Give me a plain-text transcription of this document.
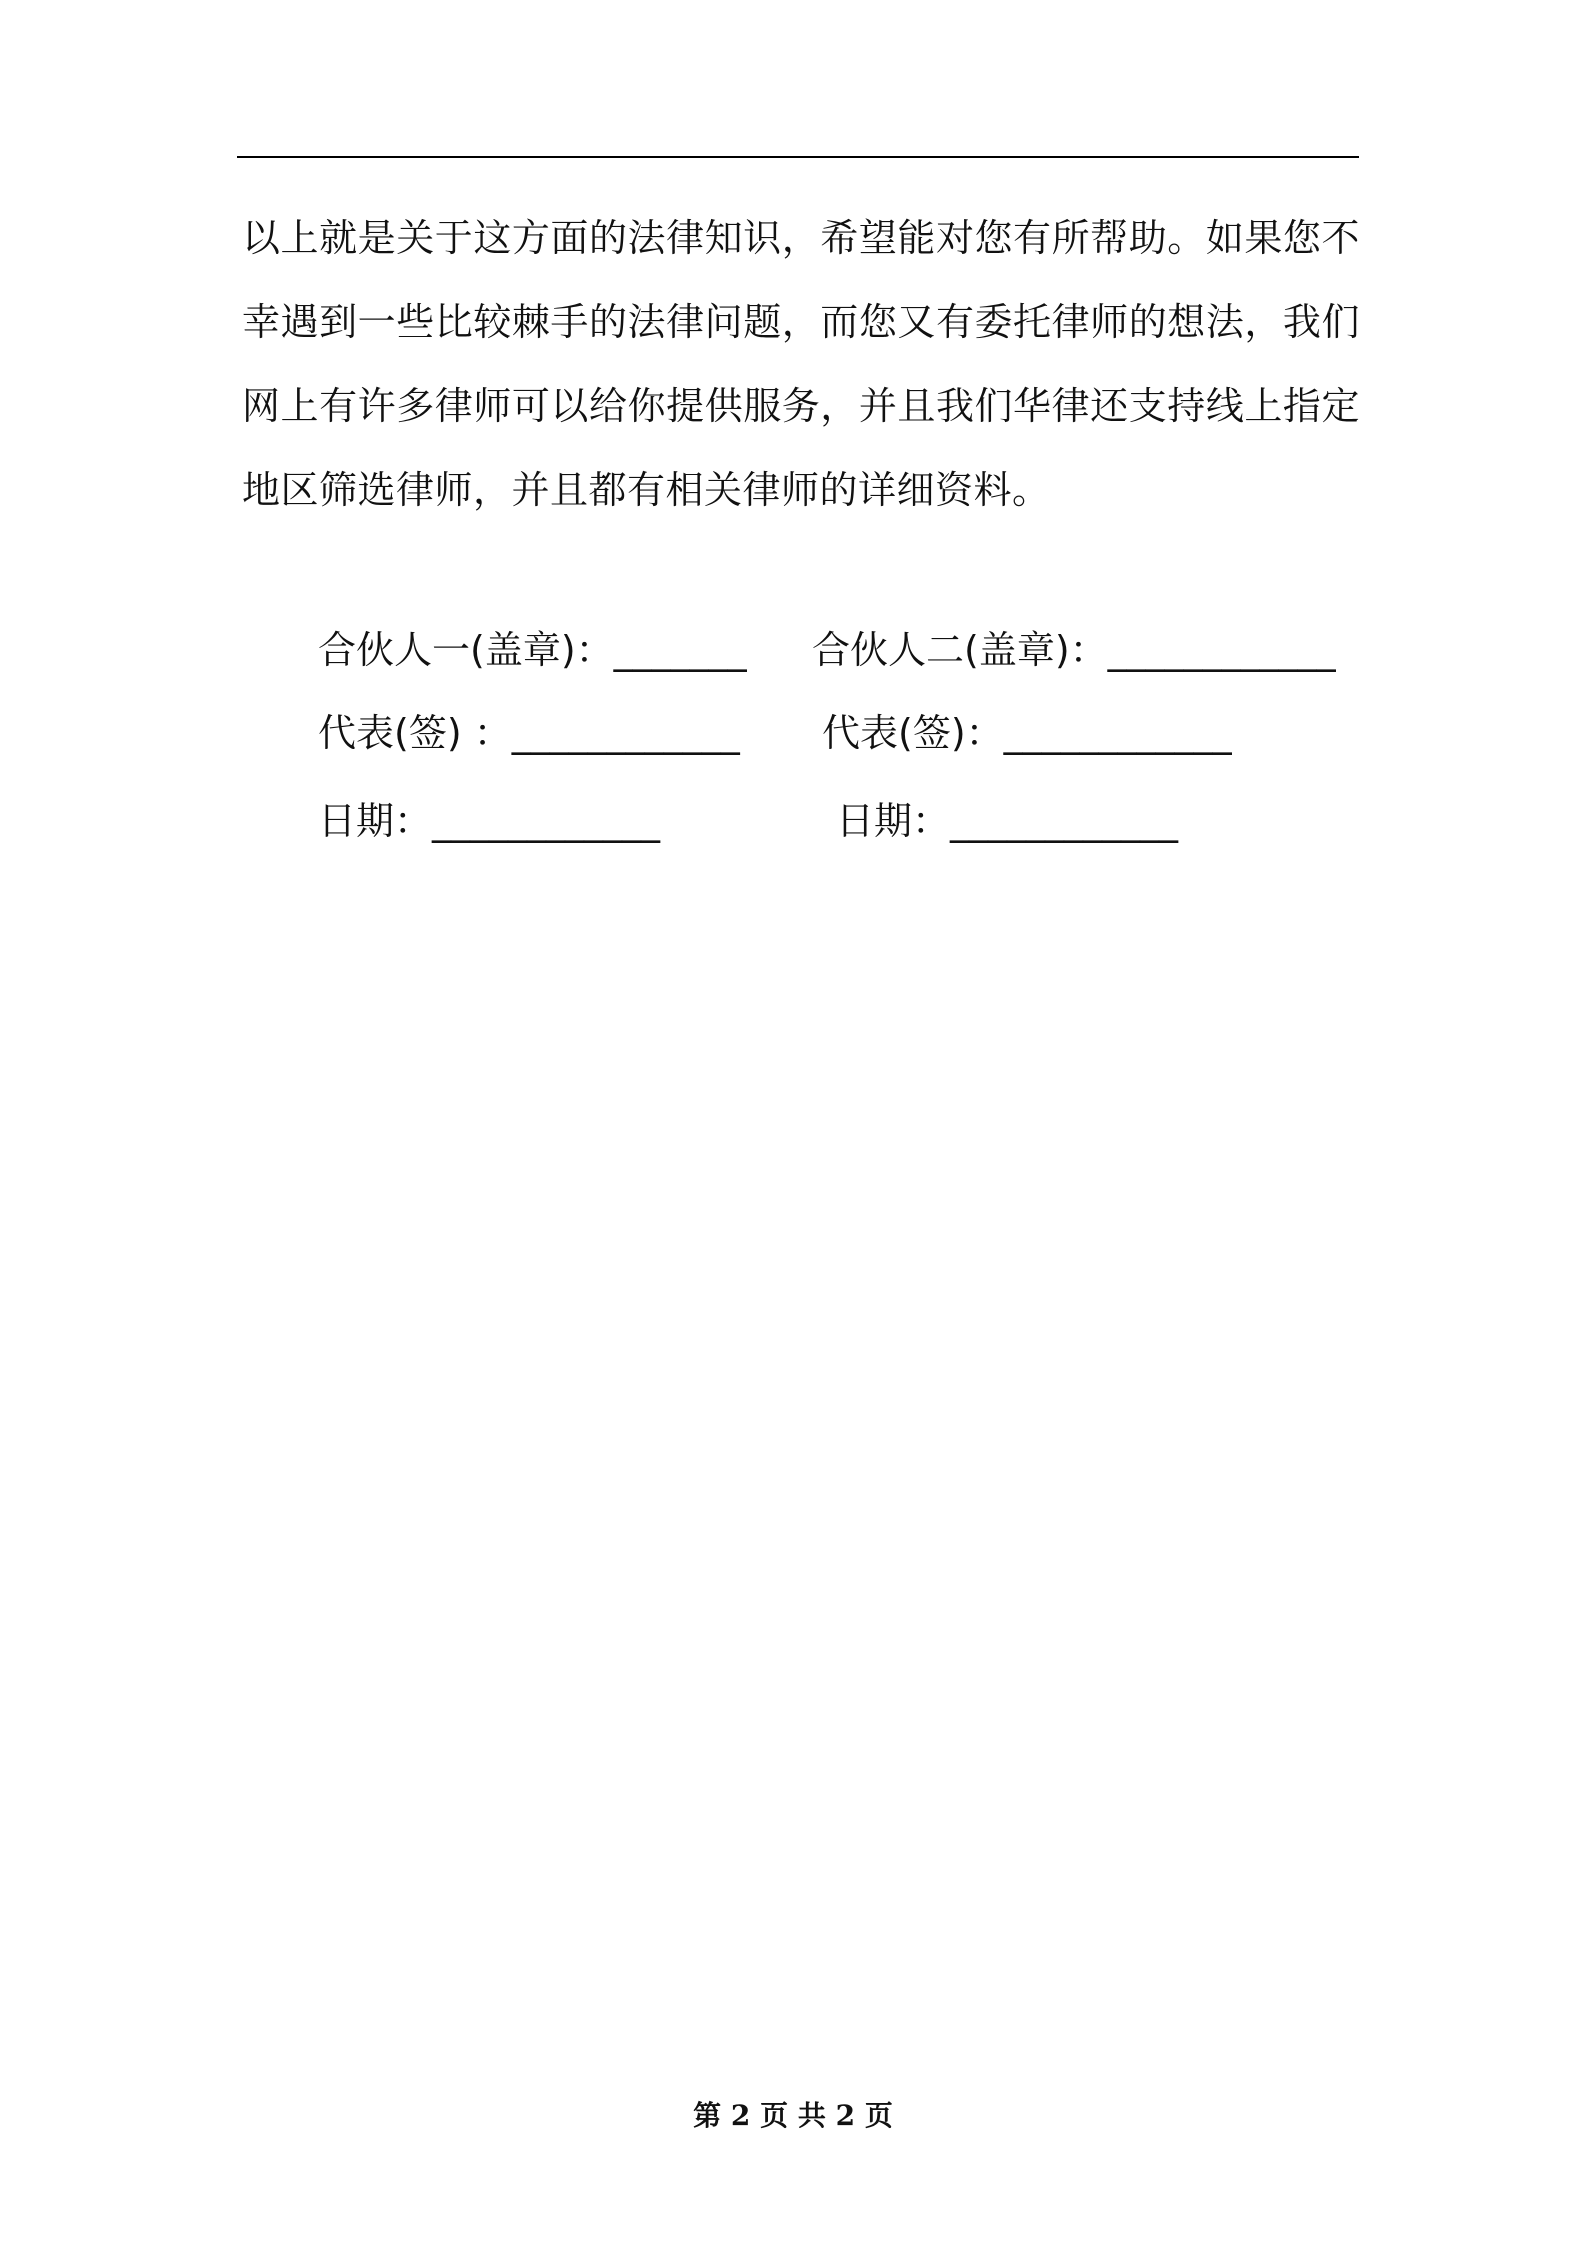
以上就是关于这方面的法律知识，希望能对您有所帮助。如果您不幸遇到一些比较棘手的法律问题，而您又有委托律师的想法，我们网上有许多律师可以给你提供服务，并且我们华律还支持线上指定地区筛选律师，并且都有相关律师的详细资料。

合伙人一(盖章)：_______ 合伙人二(盖章)：____________
代表(签) ：____________ 代表(签)：____________
日期：____________	日期：____________
第 2 页 共 2 页
